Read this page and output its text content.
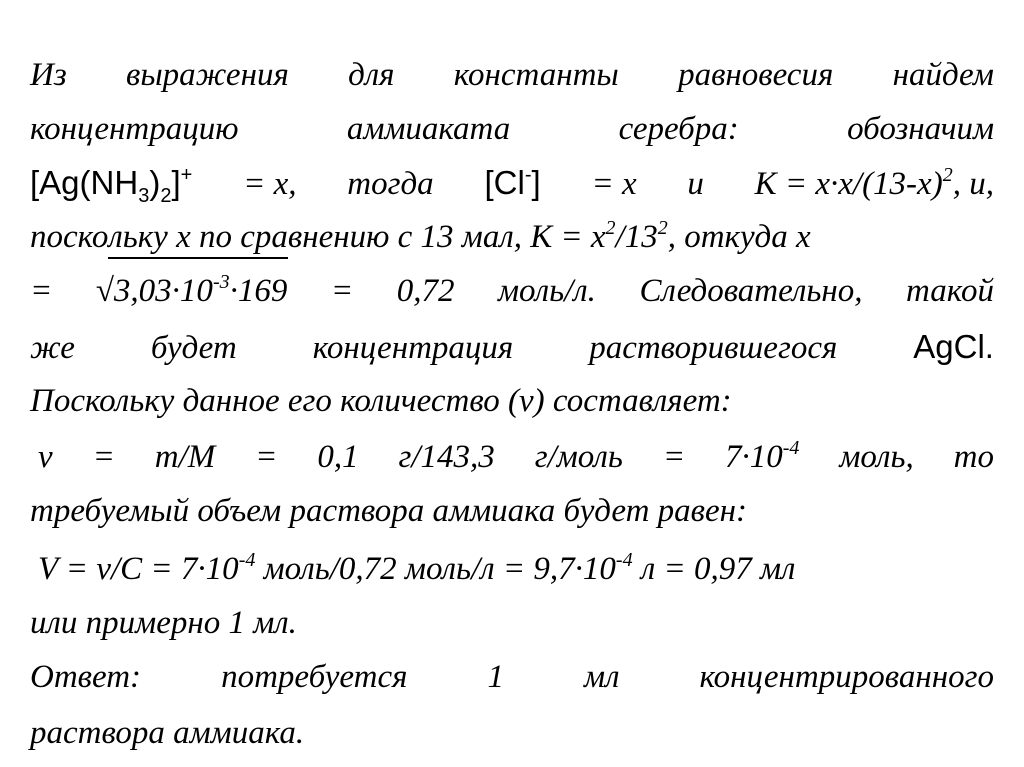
Из выражения для константы равновесия найдем
концентрацию	аммиаката	серебра:	обозначим
$[Ag(NH_3)_2]^+ = x$, тогда [Cl-] = x и $К = x\cdot x/(13-x)^2$, и,
поскольку x по сравнению с 13 мал, $К = x^2/13^2$, откуда x
= $√3,03\cdot 10^{-3}\cdot 169 = 0,72$ моль/л. Следовательно, такой
же будет концентрация растворившегося AgCl.
Поскольку данное его количество (ν) составляет:
ν = m/M = 0,1 г/143,3 г/моль = $7\cdot 10^{-4}$ моль, то
требуемый объем раствора аммиака будет равен:
$V = \nu/C = 7\cdot 10^{-4}$ моль/0,72 моль/л = $9,7\cdot 10^{-4}$ л = 0,97 мл
или примерно 1 мл.
Ответ: потребуется 1 мл концентрированного
раствора аммиака.
